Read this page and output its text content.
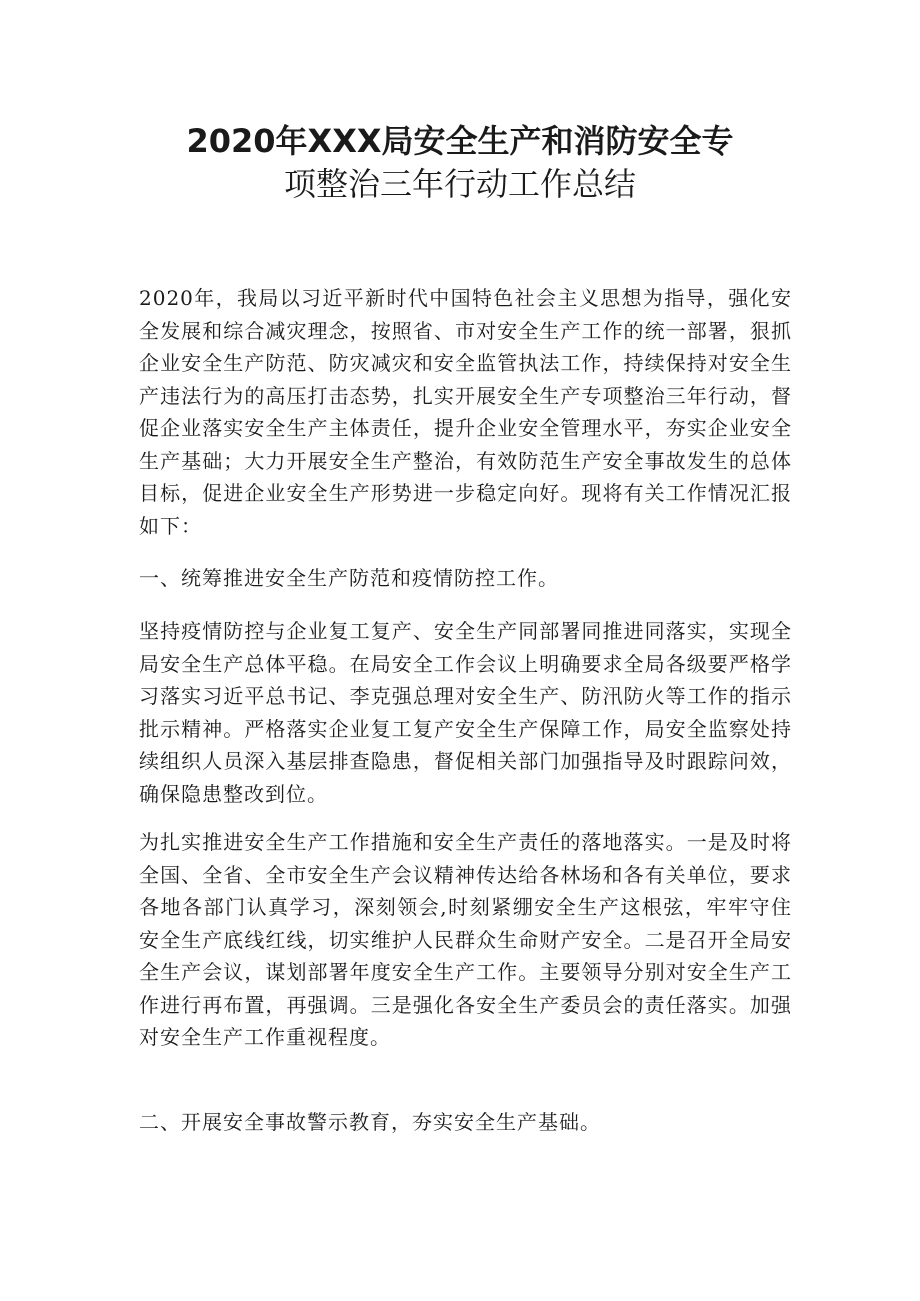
2020年XXX局安全生产和消防安全专
项整治三年行动工作总结

2020年，我局以习近平新时代中国特色社会主义思想为指导，强化安全发展和综合减灾理念，按照省、市对安全生产工作的统一部署，狠抓企业安全生产防范、防灾减灾和安全监管执法工作，持续保持对安全生产违法行为的高压打击态势，扎实开展安全生产专项整治三年行动，督促企业落实安全生产主体责任，提升企业安全管理水平，夯实企业安全生产基础；大力开展安全生产整治，有效防范生产安全事故发生的总体目标，促进企业安全生产形势进一步稳定向好。现将有关工作情况汇报如下：

一、统筹推进安全生产防范和疫情防控工作。

坚持疫情防控与企业复工复产、安全生产同部署同推进同落实，实现全局安全生产总体平稳。在局安全工作会议上明确要求全局各级要严格学习落实习近平总书记、李克强总理对安全生产、防汛防火等工作的指示批示精神。严格落实企业复工复产安全生产保障工作，局安全监察处持续组织人员深入基层排查隐患，督促相关部门加强指导及时跟踪问效，确保隐患整改到位。

为扎实推进安全生产工作措施和安全生产责任的落地落实。一是及时将全国、全省、全市安全生产会议精神传达给各林场和各有关单位，要求各地各部门认真学习，深刻领会,时刻紧绷安全生产这根弦，牢牢守住安全生产底线红线，切实维护人民群众生命财产安全。二是召开全局安全生产会议，谋划部署年度安全生产工作。主要领导分别对安全生产工作进行再布置，再强调。三是强化各安全生产委员会的责任落实。加强对安全生产工作重视程度。

二、开展安全事故警示教育，夯实安全生产基础。
